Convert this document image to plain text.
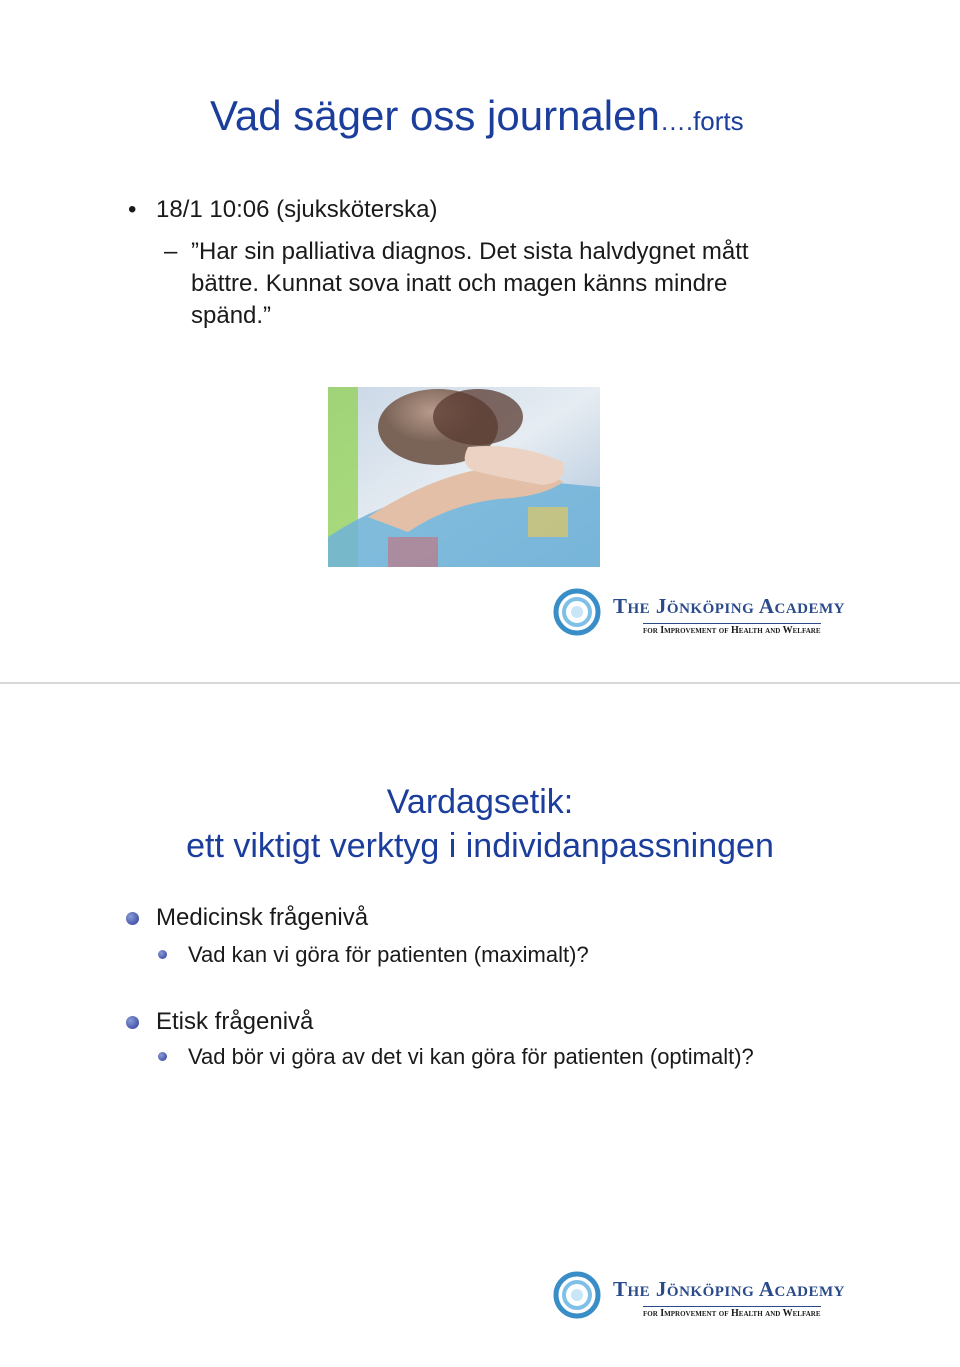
Vad säger oss journalen….forts
• 18/1 10:06 (sjuksköterska)
– ”Har sin palliativa diagnos. Det sista halvdygnet mått bättre. Kunnat sova inatt och magen känns mindre spänd.”
The Jönköping Academy
for Improvement of Health and Welfare
Vardagsetik:
ett viktigt verktyg i individanpassningen
Medicinsk frågenivå
Vad kan vi göra för patienten (maximalt)?
Etisk frågenivå
Vad bör vi göra av det vi kan göra för patienten (optimalt)?
The Jönköping Academy
for Improvement of Health and Welfare
